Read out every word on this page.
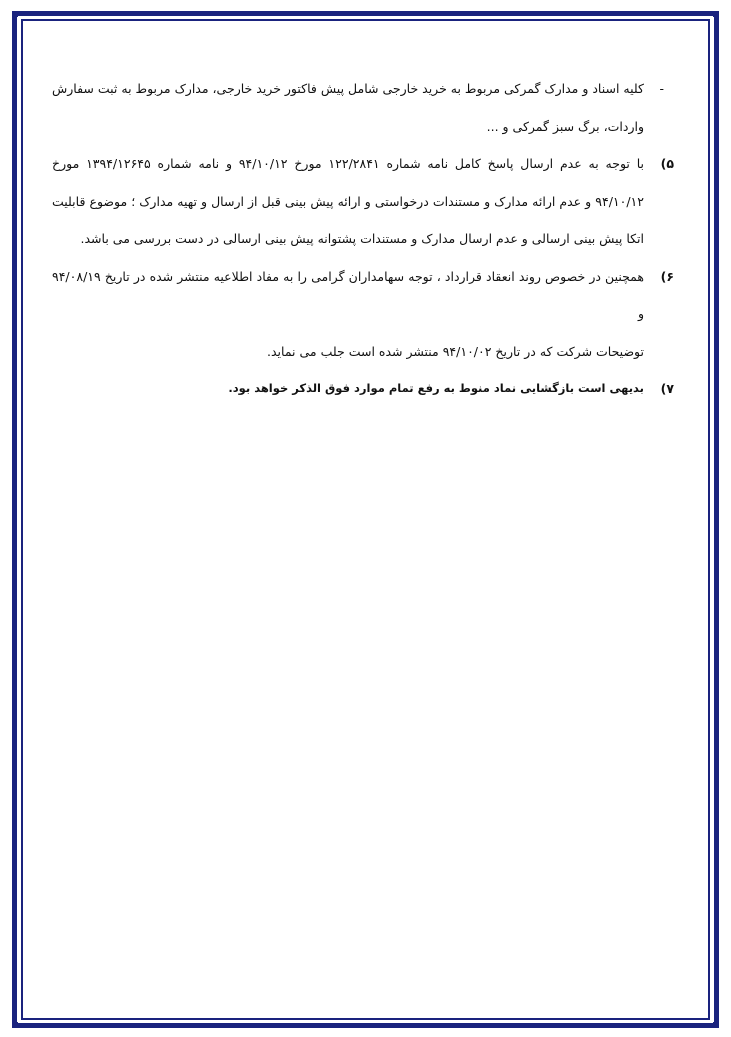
-
کلیه اسناد و مدارک گمرکی مربوط به خرید خارجی شامل پیش فاکتور خرید خارجی، مدارک مربوط به ثبت سفارش
واردات، برگ سبز گمرکی و ...
۵)
با توجه به عدم ارسال پاسخ کامل نامه شماره ۱۲۲/۲۸۴۱ مورخ ۹۴/۱۰/۱۲ و نامه شماره ۱۳۹۴/۱۲۶۴۵ مورخ
۹۴/۱۰/۱۲ و عدم ارائه مدارک و مستندات درخواستی و ارائه پیش بینی قبل از ارسال و تهیه مدارک ؛ موضوع قابلیت
اتکا پیش بینی ارسالی و عدم ارسال مدارک و مستندات پشتوانه پیش بینی ارسالی در دست بررسی می باشد.
۶)
همچنین در خصوص روند انعقاد قرارداد ، توجه سهامداران گرامی را به مفاد اطلاعیه منتشر شده در تاریخ ۹۴/۰۸/۱۹ و
توضیحات شرکت که در تاریخ ۹۴/۱۰/۰۲ منتشر شده است جلب می نماید.
۷)
بدیهی است بازگشایی نماد منوط به رفع تمام موارد فوق الذکر خواهد بود.
